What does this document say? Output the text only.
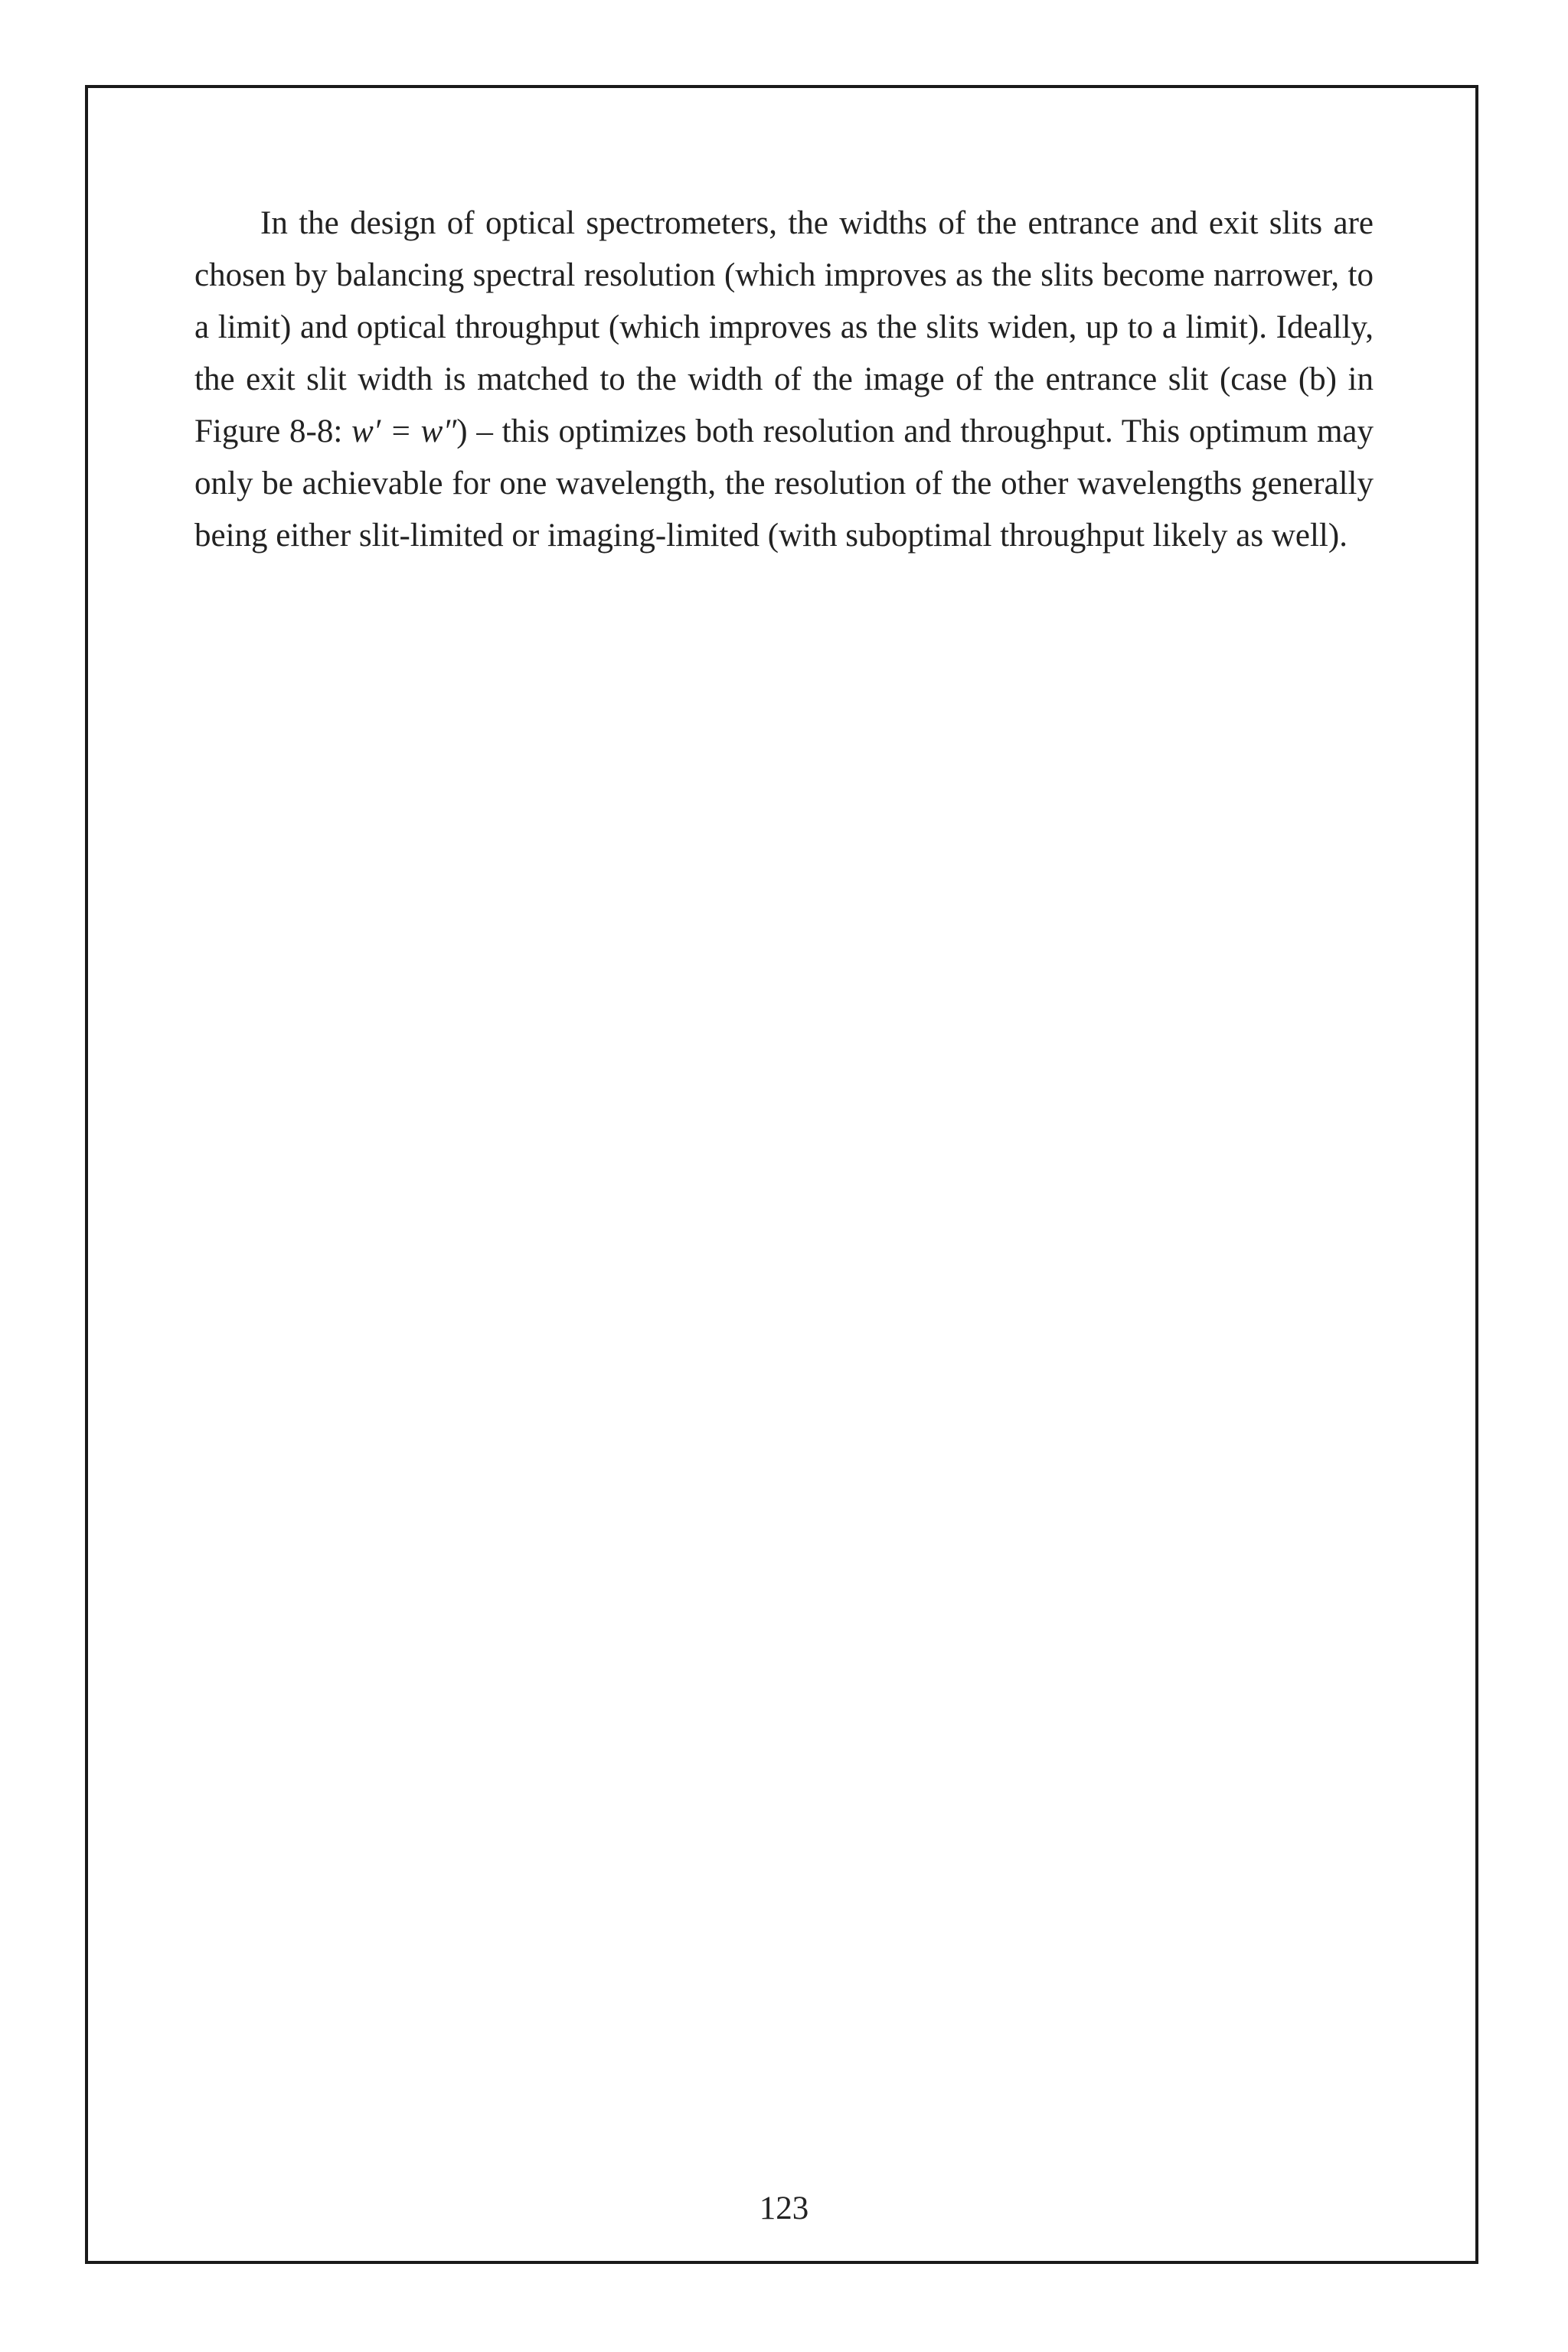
In the design of optical spectrometers, the widths of the entrance and exit slits are chosen by balancing spectral resolution (which improves as the slits become narrower, to a limit) and optical throughput (which improves as the slits widen, up to a limit). Ideally, the exit slit width is matched to the width of the image of the entrance slit (case (b) in Figure 8-8: w′ = w″) – this optimizes both resolution and throughput. This optimum may only be achievable for one wavelength, the resolution of the other wavelengths generally being either slit-limited or imaging-limited (with suboptimal throughput likely as well).

123
